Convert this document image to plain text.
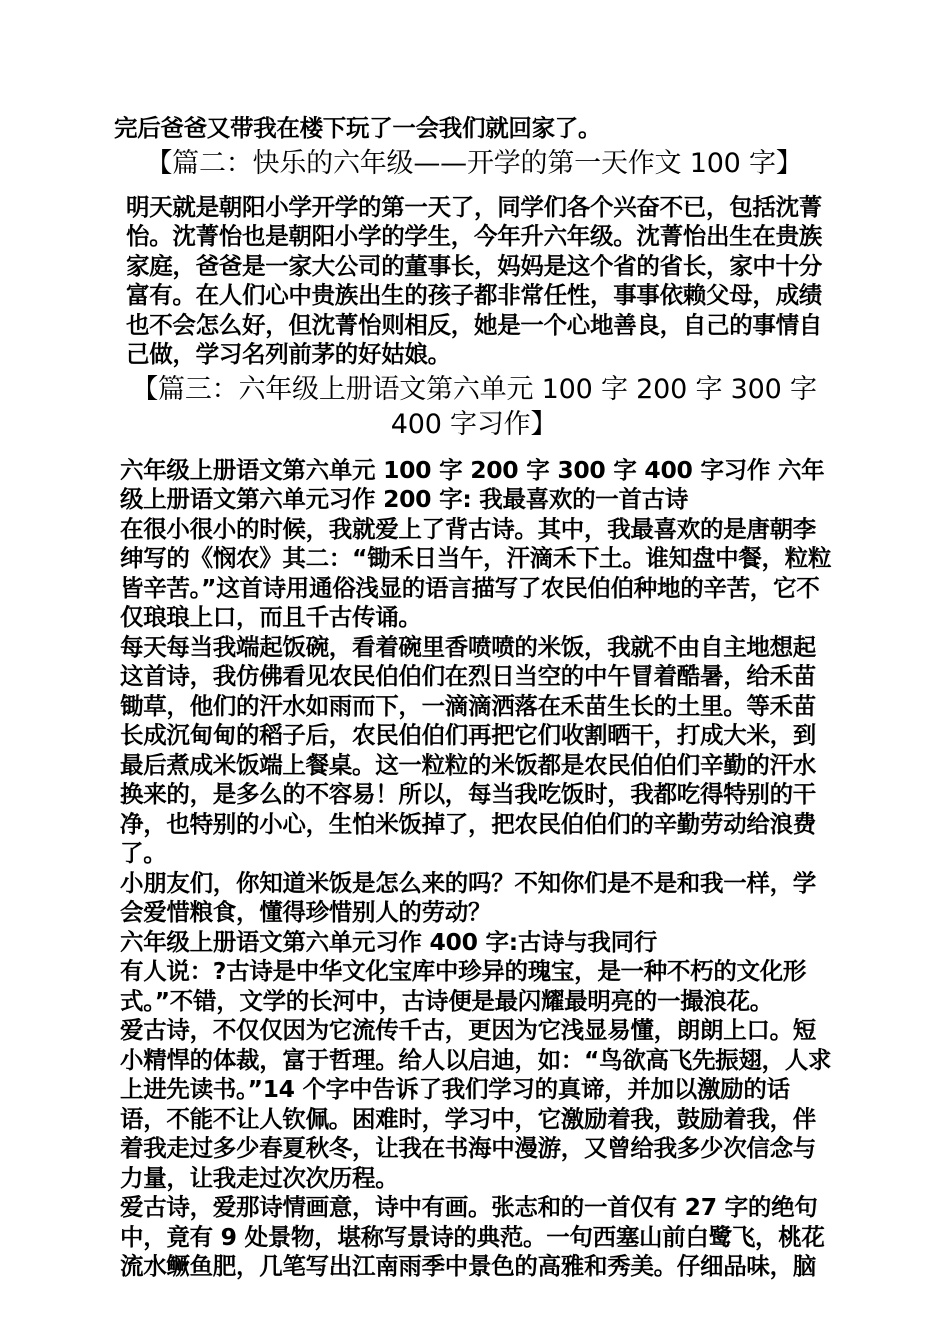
完后爸爸又带我在楼下玩了一会我们就回家了。

【篇二：快乐的六年级——开学的第一天作文 100 字】

明天就是朝阳小学开学的第一天了，同学们各个兴奋不已，包括沈菁怡。沈菁怡也是朝阳小学的学生，今年升六年级。沈菁怡出生在贵族家庭，爸爸是一家大公司的董事长，妈妈是这个省的省长，家中十分富有。在人们心中贵族出生的孩子都非常任性，事事依赖父母，成绩也不会怎么好，但沈菁怡则相反，她是一个心地善良，自己的事情自己做，学习名列前茅的好姑娘。

【篇三：六年级上册语文第六单元 100 字 200 字 300 字 400 字习作】

六年级上册语文第六单元 100 字 200 字 300 字 400 字习作 六年级上册语文第六单元习作 200 字: 我最喜欢的一首古诗

在很小很小的时候，我就爱上了背古诗。其中，我最喜欢的是唐朝李绅写的《悯农》其二：“锄禾日当午，汗滴禾下土。谁知盘中餐，粒粒皆辛苦。”这首诗用通俗浅显的语言描写了农民伯伯种地的辛苦，它不仅琅琅上口，而且千古传诵。

每天每当我端起饭碗，看着碗里香喷喷的米饭，我就不由自主地想起这首诗，我仿佛看见农民伯伯们在烈日当空的中午冒着酷暑，给禾苗锄草，他们的汗水如雨而下，一滴滴洒落在禾苗生长的土里。等禾苗长成沉甸甸的稻子后，农民伯伯们再把它们收割晒干，打成大米，到最后煮成米饭端上餐桌。这一粒粒的米饭都是农民伯伯们辛勤的汗水换来的，是多么的不容易！所以，每当我吃饭时，我都吃得特别的干净，也特别的小心，生怕米饭掉了，把农民伯伯们的辛勤劳动给浪费了。

小朋友们，你知道米饭是怎么来的吗？不知你们是不是和我一样，学会爱惜粮食，懂得珍惜别人的劳动？

六年级上册语文第六单元习作 400 字:古诗与我同行

有人说：?古诗是中华文化宝库中珍异的瑰宝，是一种不朽的文化形式。”不错，文学的长河中，古诗便是最闪耀最明亮的一撮浪花。

爱古诗，不仅仅因为它流传千古，更因为它浅显易懂，朗朗上口。短小精悍的体裁，富于哲理。给人以启迪，如：“鸟欲高飞先振翅，人求上进先读书。”14 个字中告诉了我们学习的真谛，并加以激励的话语，不能不让人钦佩。困难时，学习中，它激励着我，鼓励着我，伴着我走过多少春夏秋冬，让我在书海中漫游，又曾给我多少次信念与力量，让我走过次次历程。

爱古诗，爱那诗情画意，诗中有画。张志和的一首仅有 27 字的绝句中，竟有 9 处景物，堪称写景诗的典范。一句西塞山前白鹭飞，桃花流水鳜鱼肥，几笔写出江南雨季中景色的高雅和秀美。仔细品味，脑
